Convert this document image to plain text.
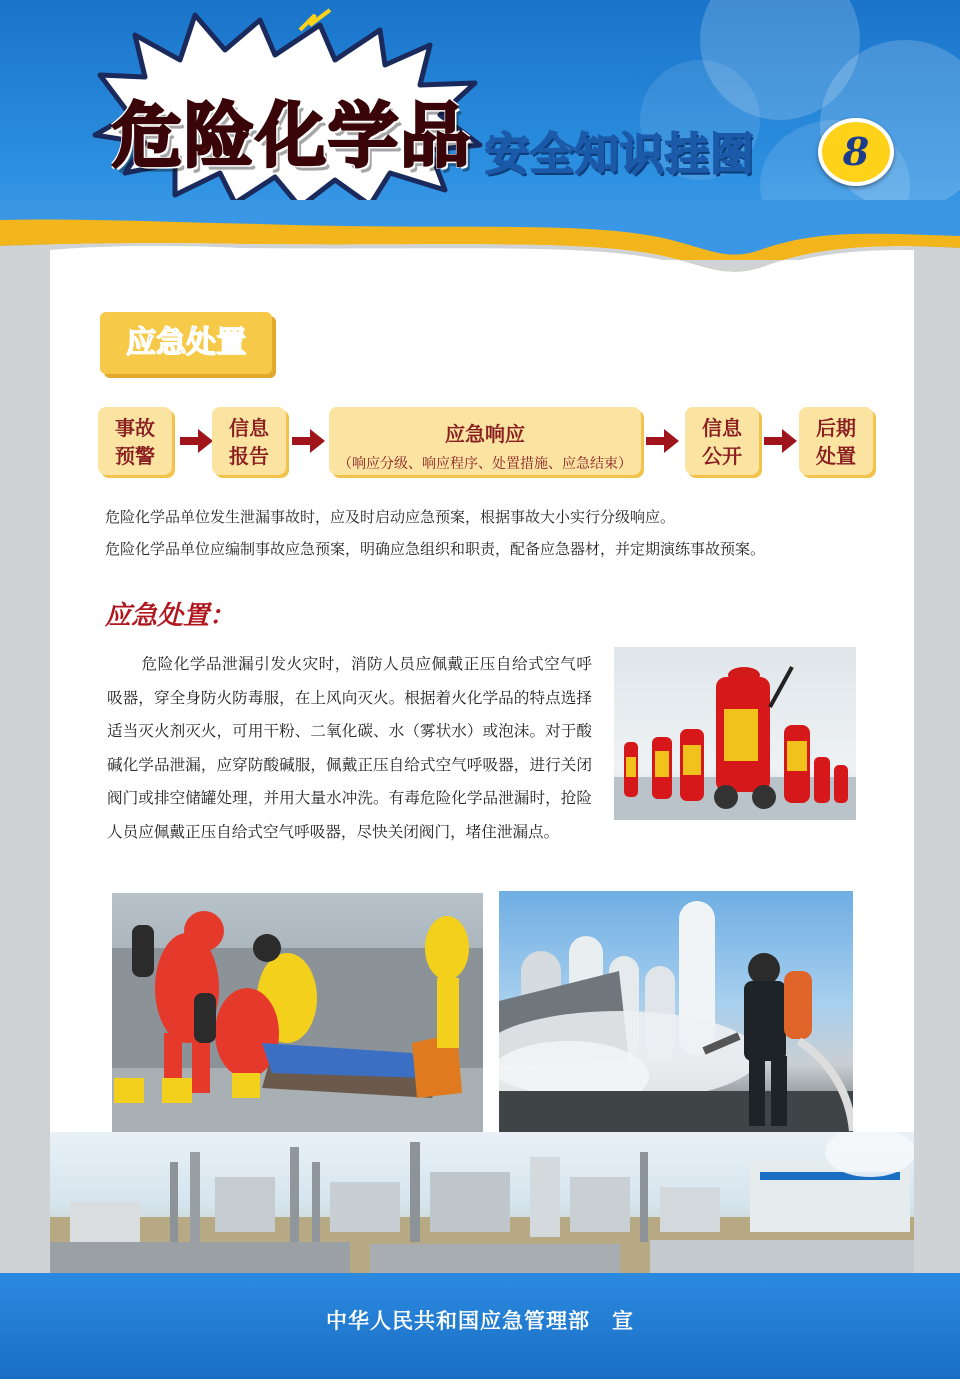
危险化学品 安全知识挂图	8
应急处置
事故
预警
信息
报告
应急响应
（响应分级、响应程序、处置措施、应急结束）
信息
公开
后期
处置
危险化学品单位发生泄漏事故时，应及时启动应急预案，根据事故大小实行分级响应。
危险化学品单位应编制事故应急预案，明确应急组织和职责，配备应急器材，并定期演练事故预案。
应急处置：
危险化学品泄漏引发火灾时，消防人员应佩戴正压自给式空气呼吸器，穿全身防火防毒服，在上风向灭火。根据着火化学品的特点选择适当灭火剂灭火，可用干粉、二氧化碳、水（雾状水）或泡沫。对于酸碱化学品泄漏，应穿防酸碱服，佩戴正压自给式空气呼吸器，进行关闭阀门或排空储罐处理，并用大量水冲洗。有毒危险化学品泄漏时，抢险人员应佩戴正压自给式空气呼吸器，尽快关闭阀门，堵住泄漏点。
中华人民共和国应急管理部　宣
